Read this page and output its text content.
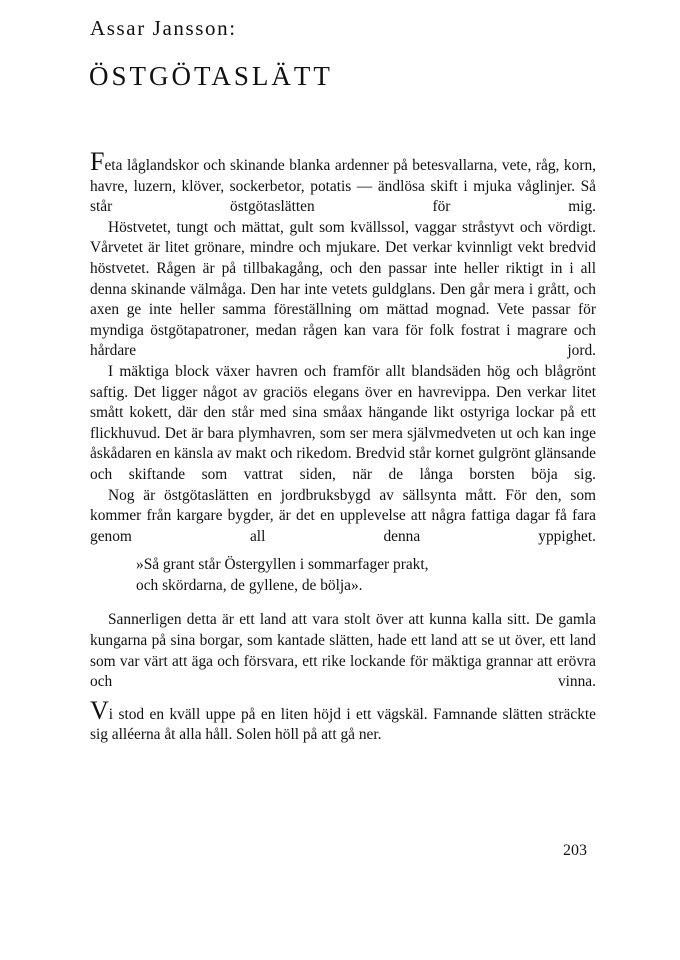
Assar Jansson:
ÖSTGÖTASLÄTT

Feta låglandskor och skinande blanka ardenner på betesvallarna, vete, råg, korn, havre, luzern, klöver, sockerbetor, potatis — ändlösa skift i mjuka våglinjer. Så står östgötaslätten för mig.

Höstvetet, tungt och mättat, gult som kvällssol, vaggar stråstyvt och vördigt. Vårvetet är litet grönare, mindre och mjukare. Det verkar kvinnligt vekt bredvid höstvetet. Rågen är på tillbakagång, och den passar inte heller riktigt in i all denna skinande välmåga. Den har inte vetets guldglans. Den går mera i grått, och axen ge inte heller samma föreställning om mättad mognad. Vete passar för myndiga östgötapatroner, medan rågen kan vara för folk fostrat i magrare och hårdare jord.

I mäktiga block växer havren och framför allt blandsäden hög och blågrönt saftig. Det ligger något av graciös elegans över en havrevippa. Den verkar litet smått kokett, där den står med sina småax hängande likt ostyriga lockar på ett flickhuvud. Det är bara plymhavren, som ser mera självmedveten ut och kan inge åskådaren en känsla av makt och rikedom. Bredvid står kornet gulgrönt glänsande och skiftande som vattrat siden, när de långa borsten böja sig.

Nog är östgötaslätten en jordbruksbygd av sällsynta mått. För den, som kommer från kargare bygder, är det en upplevelse att några fattiga dagar få fara genom all denna yppighet.

»Så grant står Östergyllen i sommarfager prakt,
och skördarna, de gyllene, de bölja».

Sannerligen detta är ett land att vara stolt över att kunna kalla sitt. De gamla kungarna på sina borgar, som kantade slätten, hade ett land att se ut över, ett land som var värt att äga och försvara, ett rike lockande för mäktiga grannar att erövra och vinna.

Vi stod en kväll uppe på en liten höjd i ett vägskäl. Famnande slätten sträckte sig alléerna åt alla håll. Solen höll på att gå ner.

203
